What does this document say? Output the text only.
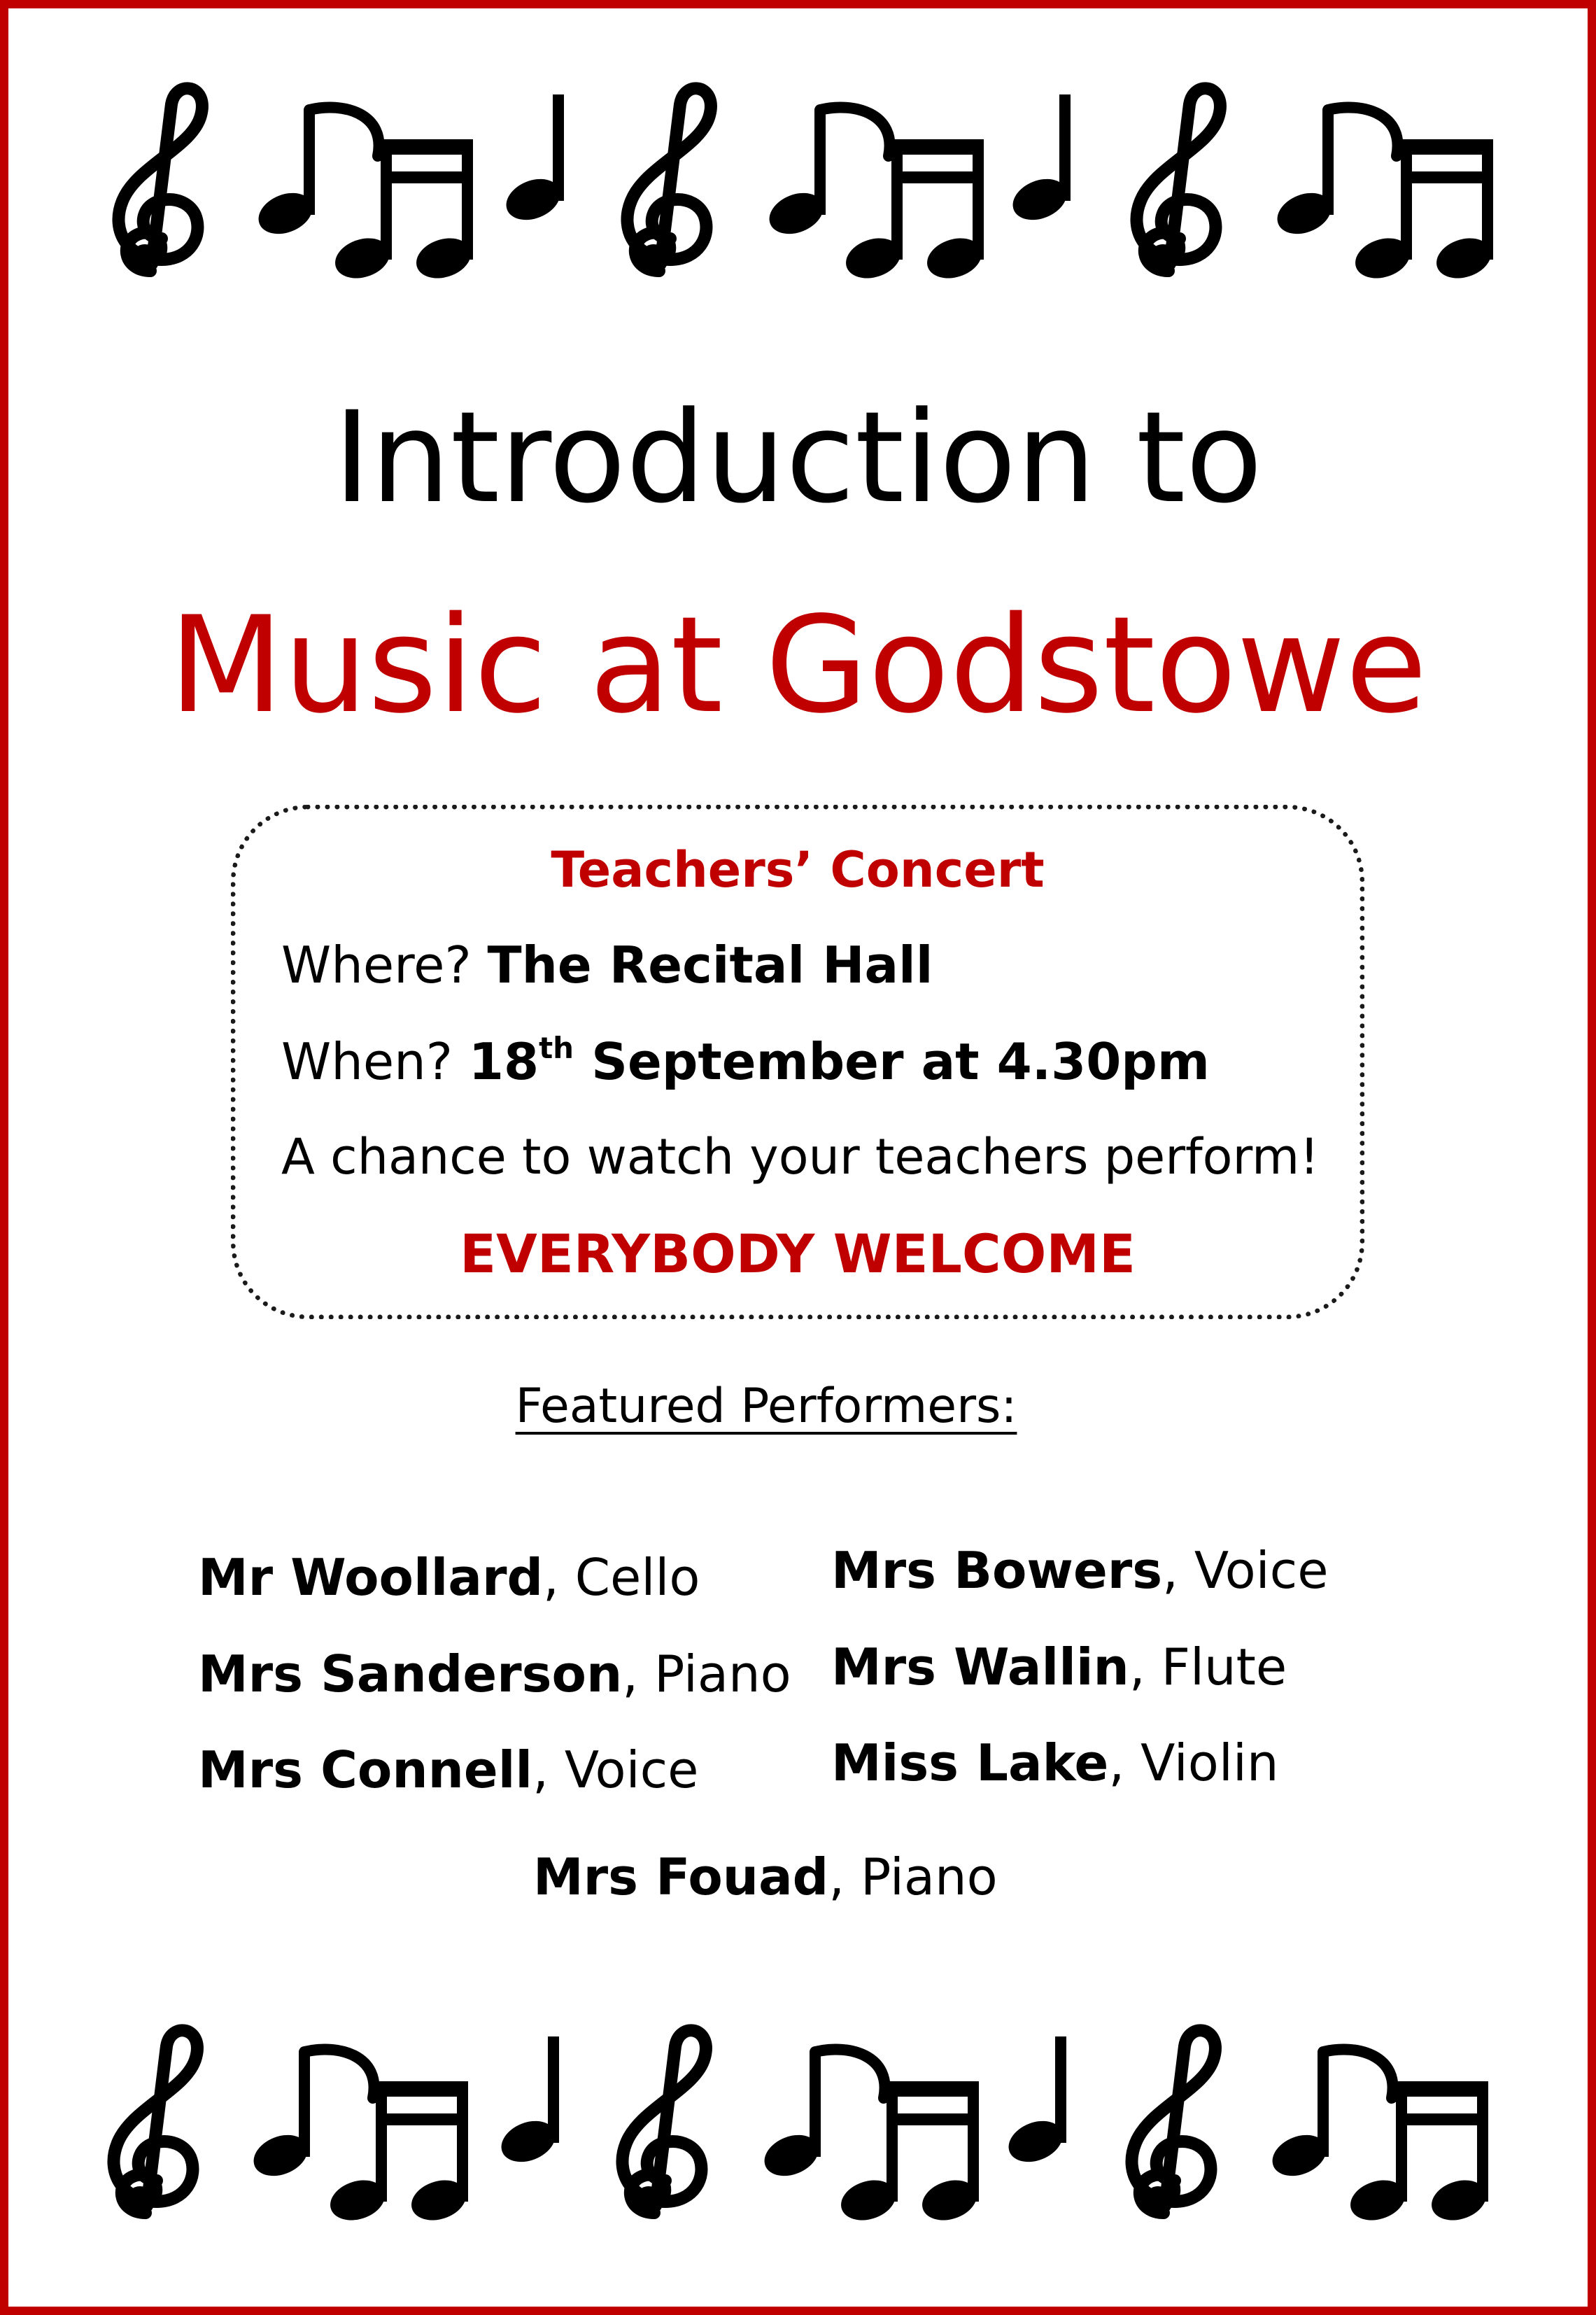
Introduction to
Music at Godstowe
Teachers’ Concert
Where? The Recital Hall
When? 18th September at 4.30pm
A chance to watch your teachers perform!
EVERYBODY WELCOME
Featured Performers:
Mr Woollard, Cello
Mrs Sanderson, Piano
Mrs Connell, Voice
Mrs Bowers, Voice
Mrs Wallin, Flute
Miss Lake, Violin
Mrs Fouad, Piano
